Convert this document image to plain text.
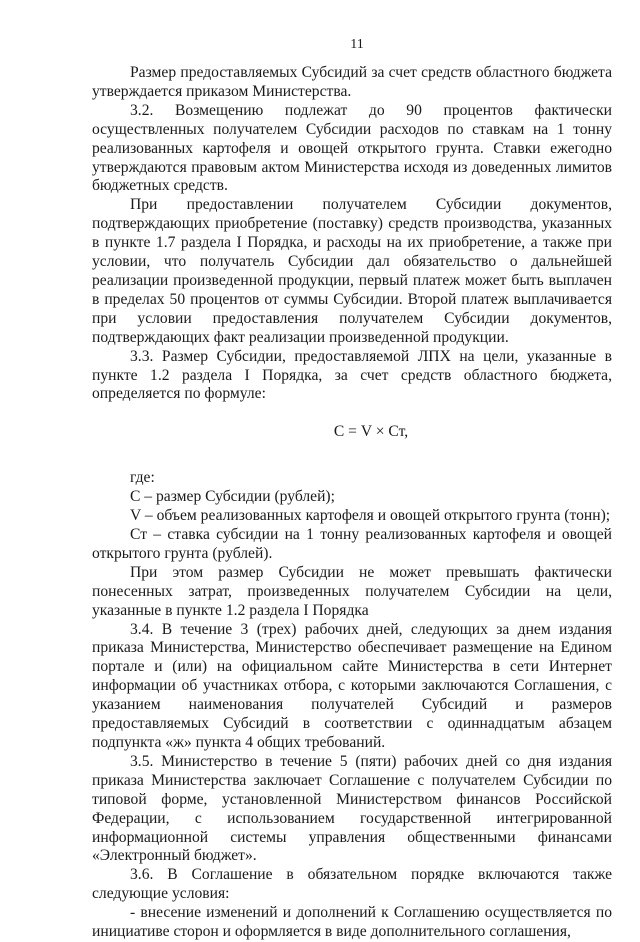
11

Размер предоставляемых Субсидий за счет средств областного бюджета утверждается приказом Министерства.

3.2. Возмещению подлежат до 90 процентов фактически осуществленных получателем Субсидии расходов по ставкам на 1 тонну реализованных картофеля и овощей открытого грунта. Ставки ежегодно утверждаются правовым актом Министерства исходя из доведенных лимитов бюджетных средств.

При предоставлении получателем Субсидии документов, подтверждающих приобретение (поставку) средств производства, указанных в пункте 1.7 раздела I Порядка, и расходы на их приобретение, а также при условии, что получатель Субсидии дал обязательство о дальнейшей реализации произведенной продукции, первый платеж может быть выплачен в пределах 50 процентов от суммы Субсидии. Второй платеж выплачивается при условии предоставления получателем Субсидии документов, подтверждающих факт реализации произведенной продукции.

3.3. Размер Субсидии, предоставляемой ЛПХ на цели, указанные в пункте 1.2 раздела I Порядка, за счет средств областного бюджета, определяется по формуле:

С = V × Ст,

где:

С – размер Субсидии (рублей);

V – объем реализованных картофеля и овощей открытого грунта (тонн);

Ст – ставка субсидии на 1 тонну реализованных картофеля и овощей открытого грунта (рублей).

При этом размер Субсидии не может превышать фактически понесенных затрат, произведенных получателем Субсидии на цели, указанные в пункте 1.2 раздела I Порядка

3.4. В течение 3 (трех) рабочих дней, следующих за днем издания приказа Министерства, Министерство обеспечивает размещение на Едином портале и (или) на официальном сайте Министерства в сети Интернет информации об участниках отбора, с которыми заключаются Соглашения, с указанием наименования получателей Субсидий и размеров предоставляемых Субсидий в соответствии с одиннадцатым абзацем подпункта «ж» пункта 4 общих требований.

3.5. Министерство в течение 5 (пяти) рабочих дней со дня издания приказа Министерства заключает Соглашение с получателем Субсидии по типовой форме, установленной Министерством финансов Российской Федерации, с использованием государственной интегрированной информационной системы управления общественными финансами «Электронный бюджет».

3.6. В Соглашение в обязательном порядке включаются также следующие условия:

- внесение изменений и дополнений к Соглашению осуществляется по инициативе сторон и оформляется в виде дополнительного соглашения,
